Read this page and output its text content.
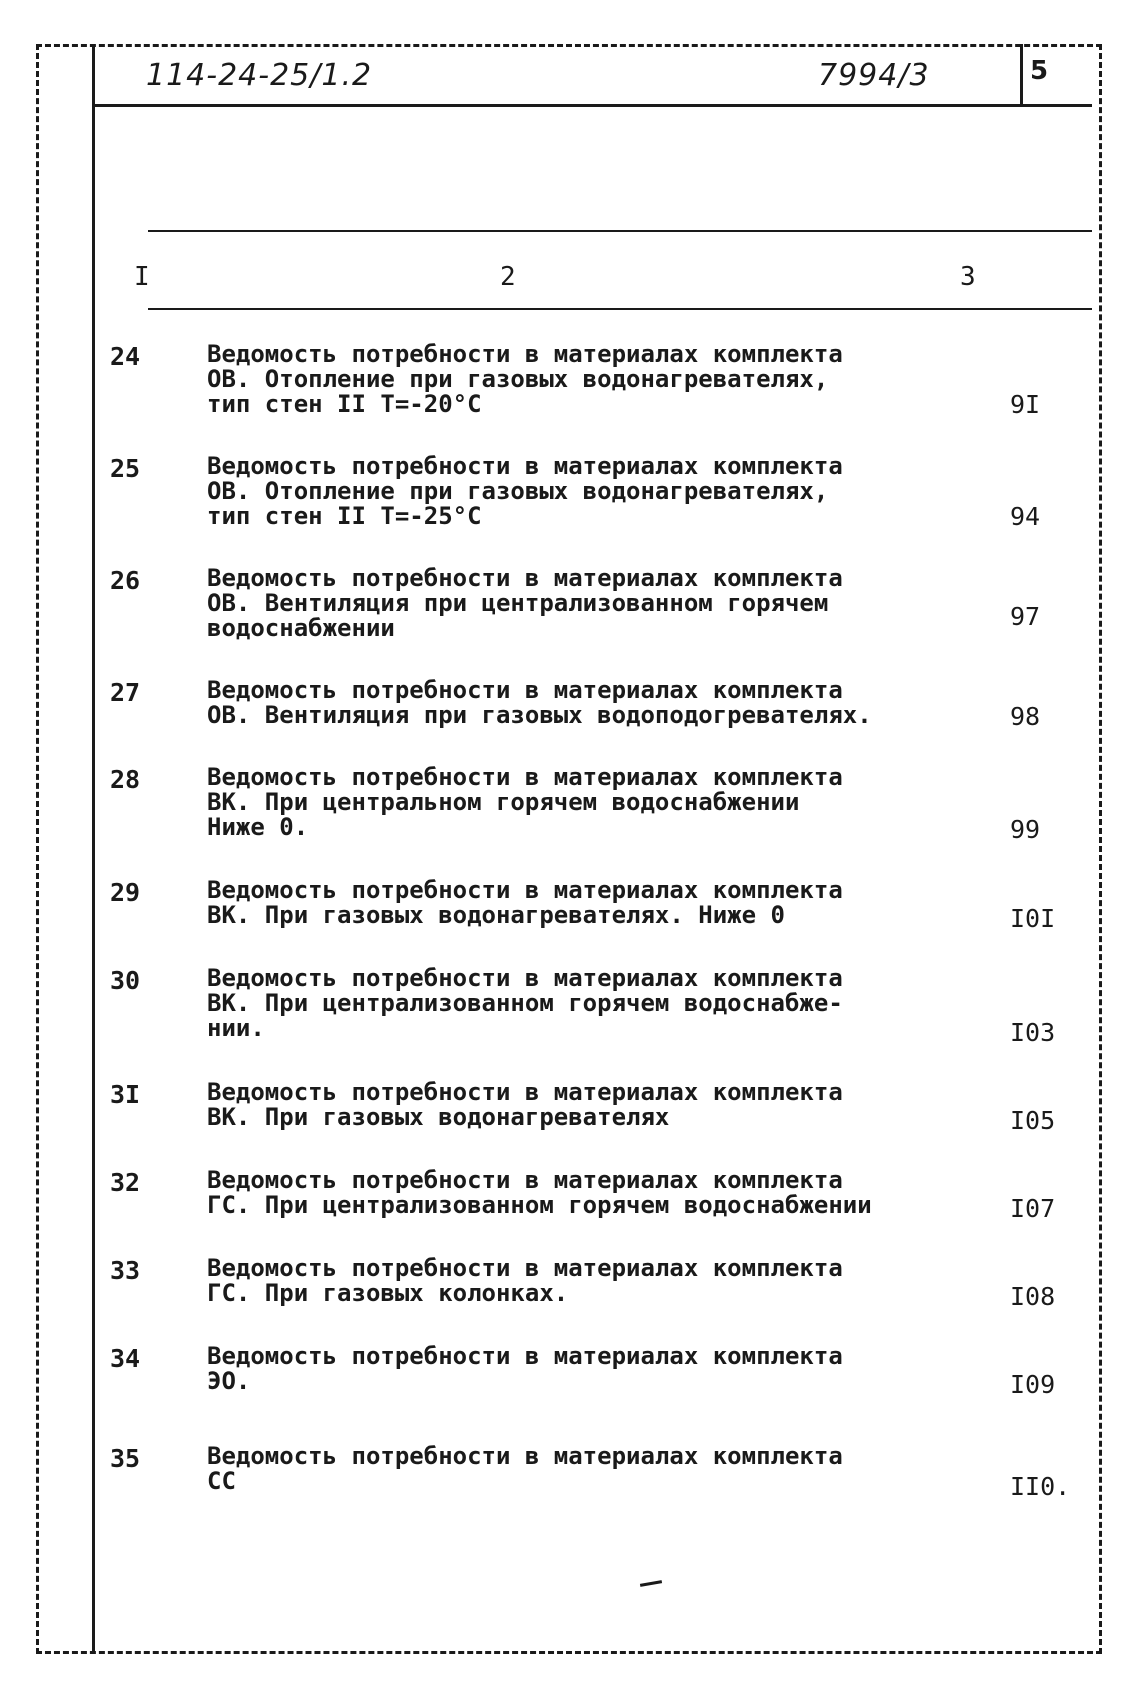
114-24-25/1.2	7994/3	5
I	2	3
24	Ведомость потребности в материалах комплекта
ОВ. Отопление при газовых водонагревателях,
тип стен II Т=-20°С	9I
25	Ведомость потребности в материалах комплекта
ОВ. Отопление при газовых водонагревателях,
тип стен II Т=-25°С	94
26	Ведомость потребности в материалах комплекта
ОВ. Вентиляция при централизованном горячем
водоснабжении	97
27	Ведомость потребности в материалах комплекта
ОВ. Вентиляция при газовых водоподогревателях.	98
28	Ведомость потребности в материалах комплекта
ВК. При центральном горячем водоснабжении
Ниже 0.	99
29	Ведомость потребности в материалах комплекта
ВК. При газовых водонагревателях. Ниже 0	I0I
30	Ведомость потребности в материалах комплекта
ВК. При централизованном горячем водоснабже-
нии.	I03
3I	Ведомость потребности в материалах комплекта
ВК. При газовых водонагревателях	I05
32	Ведомость потребности в материалах комплекта
ГС. При централизованном горячем водоснабжении	I07
33	Ведомость потребности в материалах комплекта
ГС. При газовых колонках.	I08
34	Ведомость потребности в материалах комплекта
ЭО.	I09
35	Ведомость потребности в материалах комплекта
СС	II0.
